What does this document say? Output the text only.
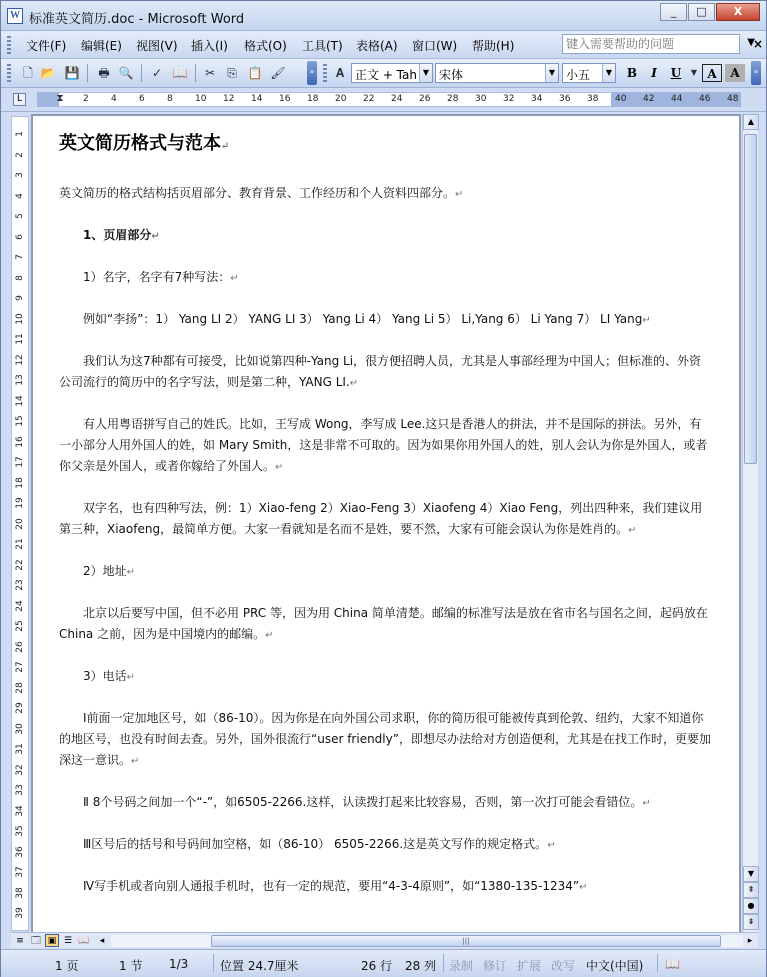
W 标准英文简历.doc - Microsoft Word
_	□	X
文件(F) 编辑(E) 视图(V) 插入(I) 格式(O) 工具(T) 表格(A) 窗口(W) 帮助(H)
键入需要帮助的问题	▼
×
🗋 📂 💾 🖶 🔍	✓ 📖	✂	⎘ 📋 🖌	»	𝐀 正文 + Tah ▼ 宋体	▼ 小五	▼	B	I	U	▼ A	A	»
L	2 4 6 8 10 12 14 16 18 20 22 24 26 28 30 32 34 36 38 40 42 44 46 48
⧗
1
2
3
4
5
6
7
8
9
10
11
12
13
14
15
16
17
18
19
20
21
22
23
24
25
26
27
28
29
30
31
32
33
34
35
36
37
38
39
英文简历格式与范本↵
英文简历的格式结构括页眉部分、教育背景、工作经历和个人资料四部分。↵
1、页眉部分↵
1）名字，名字有7种写法：↵
例如“李扬”：1） Yang LI 2） YANG LI 3） Yang Li 4） Yang Li 5） Li,Yang 6） Li Yang 7） LI Yang↵
我们认为这7种都有可接受，比如说第四种-Yang Li，很方便招聘人员，尤其是人事部经理为中国人；但标准的、外资公司流行的简历中的名字写法，则是第二种，YANG LI.↵
有人用粤语拼写自己的姓氏。比如，王写成 Wong，李写成 Lee.这只是香港人的拼法，并不是国际的拼法。另外，有一小部分人用外国人的姓，如 Mary Smith，这是非常不可取的。因为如果你用外国人的姓，别人会认为你是外国人，或者你父亲是外国人，或者你嫁给了外国人。↵
双字名，也有四种写法，例：1）Xiao-feng 2）Xiao-Feng 3）Xiaofeng 4）Xiao Feng，列出四种来，我们建议用第三种，Xiaofeng，最简单方便。大家一看就知是名而不是姓，要不然，大家有可能会误认为你是姓肖的。↵
2）地址↵
北京以后要写中国，但不必用 PRC 等，因为用 China 简单清楚。邮编的标准写法是放在省市名与国名之间，起码放在 China 之前，因为是中国境内的邮编。↵
3）电话↵
Ⅰ前面一定加地区号，如（86-10）。因为你是在向外国公司求职，你的简历很可能被传真到伦敦、纽约，大家不知道你的地区号，也没有时间去查。另外，国外很流行“user friendly”，即想尽办法给对方创造便利，尤其是在找工作时，更要加深这一意识。↵
Ⅱ 8个号码之间加一个“-”，如6505-2266.这样，认读拨打起来比较容易，否则，第一次打可能会看错位。↵
Ⅲ区号后的括号和号码间加空格，如（86-10） 6505-2266.这是英文写作的规定格式。↵
Ⅳ写手机或者向别人通报手机时，也有一定的规范，要用“4-3-4原则”，如“1380-135-1234”↵
▲
▼
⇞
●
⇟
≡ 🗔 ▣ ☰ 📖	◂	|||	▸
1 页	1 节 1/3	位置 24.7厘米	26 行 28 列 录制 修订 扩展 改写 中文(中国) 📖
